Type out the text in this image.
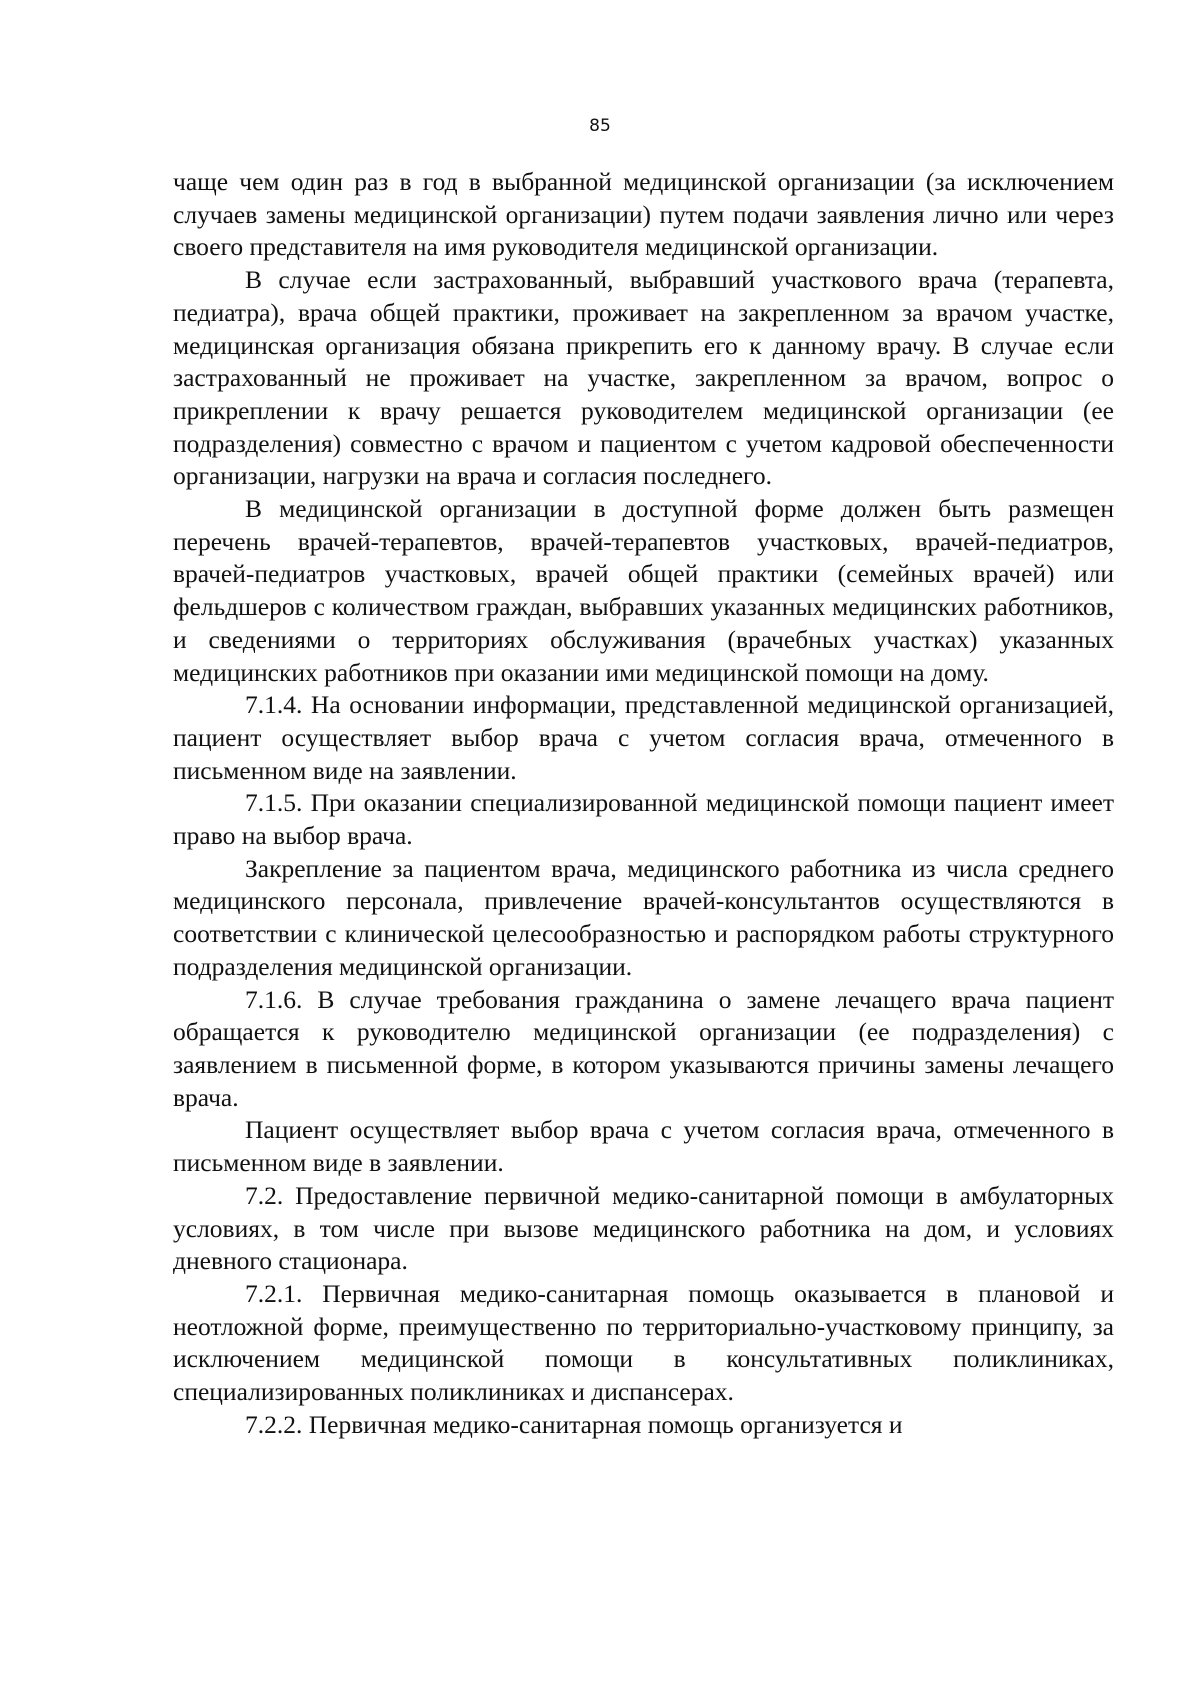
85

чаще чем один раз в год в выбранной медицинской организации (за исключением случаев замены медицинской организации) путем подачи заявления лично или через своего представителя на имя руководителя медицинской организации.

В случае если застрахованный, выбравший участкового врача (терапевта, педиатра), врача общей практики, проживает на закрепленном за врачом участке, медицинская организация обязана прикрепить его к данному врачу. В случае если застрахованный не проживает на участке, закрепленном за врачом, вопрос о прикреплении к врачу решается руководителем медицинской организации (ее подразделения) совместно с врачом и пациентом с учетом кадровой обеспеченности организации, нагрузки на врача и согласия последнего.

В медицинской организации в доступной форме должен быть размещен перечень врачей-терапевтов, врачей-терапевтов участковых, врачей-педиатров, врачей-педиатров участковых, врачей общей практики (семейных врачей) или фельдшеров с количеством граждан, выбравших указанных медицинских работников, и сведениями о территориях обслуживания (врачебных участках) указанных медицинских работников при оказании ими медицинской помощи на дому.

7.1.4. На основании информации, представленной медицинской организацией, пациент осуществляет выбор врача с учетом согласия врача, отмеченного в письменном виде на заявлении.

7.1.5. При оказании специализированной медицинской помощи пациент имеет право на выбор врача.

Закрепление за пациентом врача, медицинского работника из числа среднего медицинского персонала, привлечение врачей-консультантов осуществляются в соответствии с клинической целесообразностью и распорядком работы структурного подразделения медицинской организации.

7.1.6. В случае требования гражданина о замене лечащего врача пациент обращается к руководителю медицинской организации (ее подразделения) с заявлением в письменной форме, в котором указываются причины замены лечащего врача.

Пациент осуществляет выбор врача с учетом согласия врача, отмеченного в письменном виде в заявлении.

7.2. Предоставление первичной медико-санитарной помощи в амбулаторных условиях, в том числе при вызове медицинского работника на дом, и условиях дневного стационара.

7.2.1. Первичная медико-санитарная помощь оказывается в плановой и неотложной форме, преимущественно по территориально-участковому принципу, за исключением медицинской помощи в консультативных поликлиниках, специализированных поликлиниках и диспансерах.

7.2.2. Первичная медико-санитарная помощь организуется и
